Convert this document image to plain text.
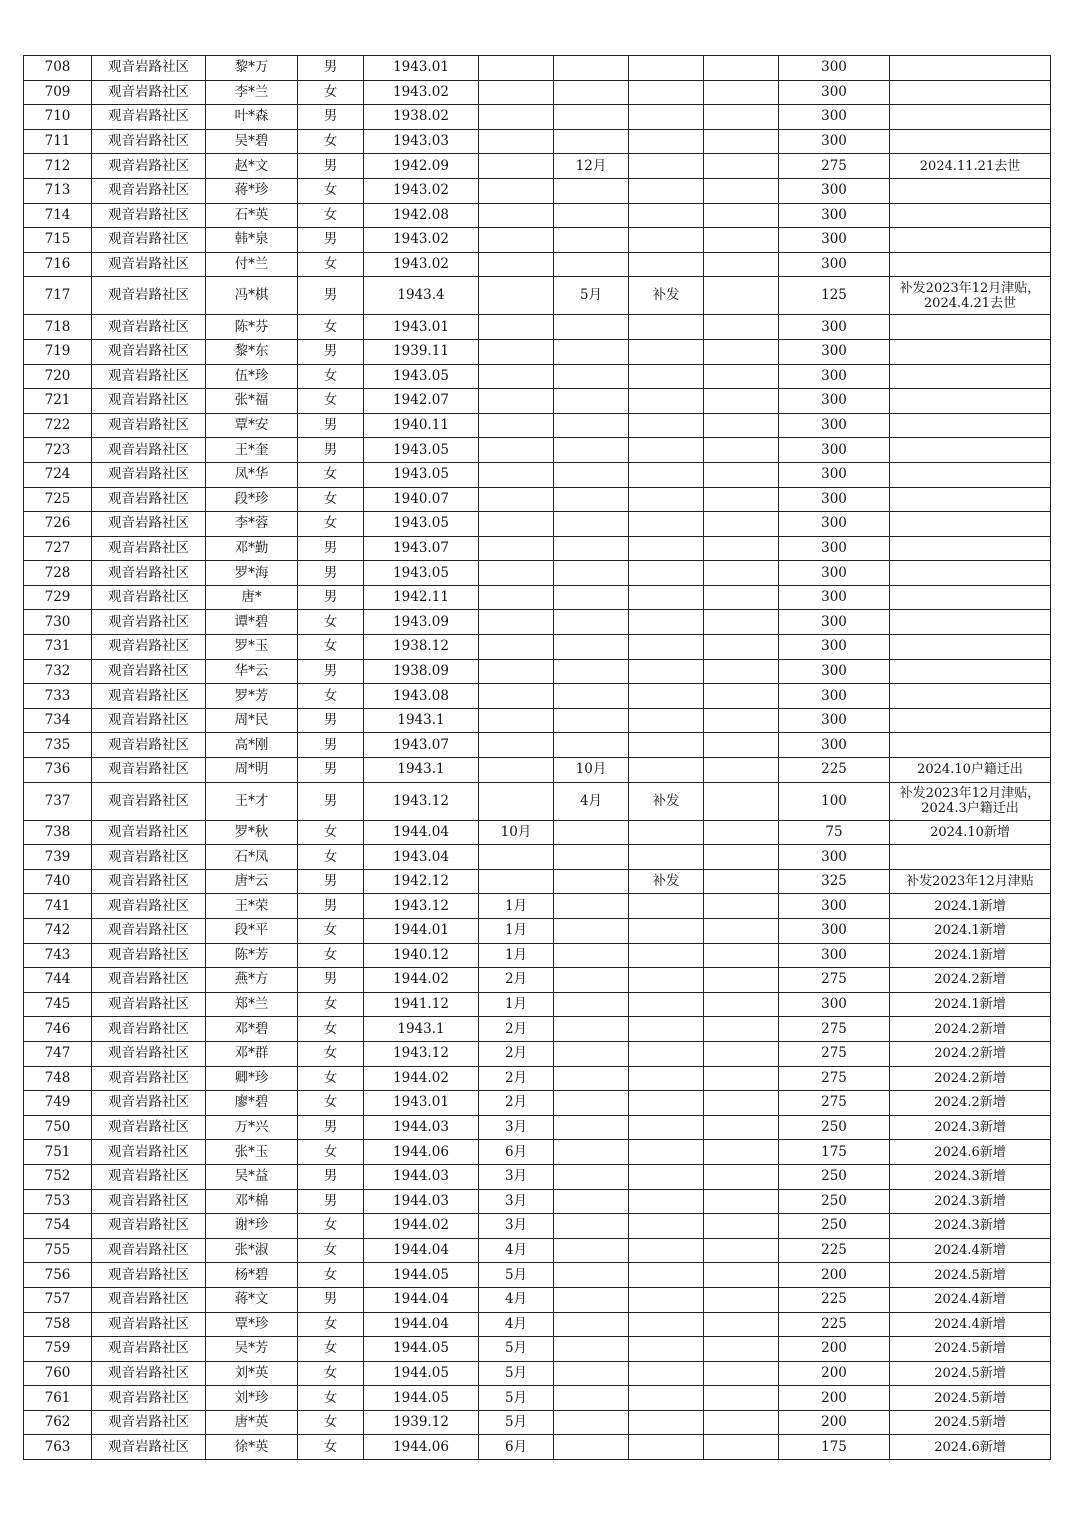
708	观音岩路社区	黎*万	男	1943.01					300	
709	观音岩路社区	李*兰	女	1943.02					300	
710	观音岩路社区	叶*森	男	1938.02					300	
711	观音岩路社区	吴*碧	女	1943.03					300	
712	观音岩路社区	赵*文	男	1942.09		12月			275	2024.11.21去世
713	观音岩路社区	蒋*珍	女	1943.02					300	
714	观音岩路社区	石*英	女	1942.08					300	
715	观音岩路社区	韩*泉	男	1943.02					300	
716	观音岩路社区	付*兰	女	1943.02					300	
717	观音岩路社区	冯*棋	男	1943.4		5月	补发		125	补发2023年12月津贴，2024.4.21去世
718	观音岩路社区	陈*芬	女	1943.01					300	
719	观音岩路社区	黎*东	男	1939.11					300	
720	观音岩路社区	伍*珍	女	1943.05					300	
721	观音岩路社区	张*福	女	1942.07					300	
722	观音岩路社区	覃*安	男	1940.11					300	
723	观音岩路社区	王*奎	男	1943.05					300	
724	观音岩路社区	凤*华	女	1943.05					300	
725	观音岩路社区	段*珍	女	1940.07					300	
726	观音岩路社区	李*蓉	女	1943.05					300	
727	观音岩路社区	邓*勤	男	1943.07					300	
728	观音岩路社区	罗*海	男	1943.05					300	
729	观音岩路社区	唐*	男	1942.11					300	
730	观音岩路社区	谭*碧	女	1943.09					300	
731	观音岩路社区	罗*玉	女	1938.12					300	
732	观音岩路社区	华*云	男	1938.09					300	
733	观音岩路社区	罗*芳	女	1943.08					300	
734	观音岩路社区	周*民	男	1943.1					300	
735	观音岩路社区	高*刚	男	1943.07					300	
736	观音岩路社区	周*明	男	1943.1		10月			225	2024.10户籍迁出
737	观音岩路社区	王*才	男	1943.12		4月	补发		100	补发2023年12月津贴，2024.3户籍迁出
738	观音岩路社区	罗*秋	女	1944.04	10月				75	2024.10新增
739	观音岩路社区	石*凤	女	1943.04					300	
740	观音岩路社区	唐*云	男	1942.12			补发		325	补发2023年12月津贴
741	观音岩路社区	王*荣	男	1943.12	1月				300	2024.1新增
742	观音岩路社区	段*平	女	1944.01	1月				300	2024.1新增
743	观音岩路社区	陈*芳	女	1940.12	1月				300	2024.1新增
744	观音岩路社区	燕*方	男	1944.02	2月				275	2024.2新增
745	观音岩路社区	郑*兰	女	1941.12	1月				300	2024.1新增
746	观音岩路社区	邓*碧	女	1943.1	2月				275	2024.2新增
747	观音岩路社区	邓*群	女	1943.12	2月				275	2024.2新增
748	观音岩路社区	卿*珍	女	1944.02	2月				275	2024.2新增
749	观音岩路社区	廖*碧	女	1943.01	2月				275	2024.2新增
750	观音岩路社区	万*兴	男	1944.03	3月				250	2024.3新增
751	观音岩路社区	张*玉	女	1944.06	6月				175	2024.6新增
752	观音岩路社区	吴*益	男	1944.03	3月				250	2024.3新增
753	观音岩路社区	邓*棉	男	1944.03	3月				250	2024.3新增
754	观音岩路社区	谢*珍	女	1944.02	3月				250	2024.3新增
755	观音岩路社区	张*淑	女	1944.04	4月				225	2024.4新增
756	观音岩路社区	杨*碧	女	1944.05	5月				200	2024.5新增
757	观音岩路社区	蒋*文	男	1944.04	4月				225	2024.4新增
758	观音岩路社区	覃*珍	女	1944.04	4月				225	2024.4新增
759	观音岩路社区	吴*芳	女	1944.05	5月				200	2024.5新增
760	观音岩路社区	刘*英	女	1944.05	5月				200	2024.5新增
761	观音岩路社区	刘*珍	女	1944.05	5月				200	2024.5新增
762	观音岩路社区	唐*英	女	1939.12	5月				200	2024.5新增
763	观音岩路社区	徐*英	女	1944.06	6月				175	2024.6新增
